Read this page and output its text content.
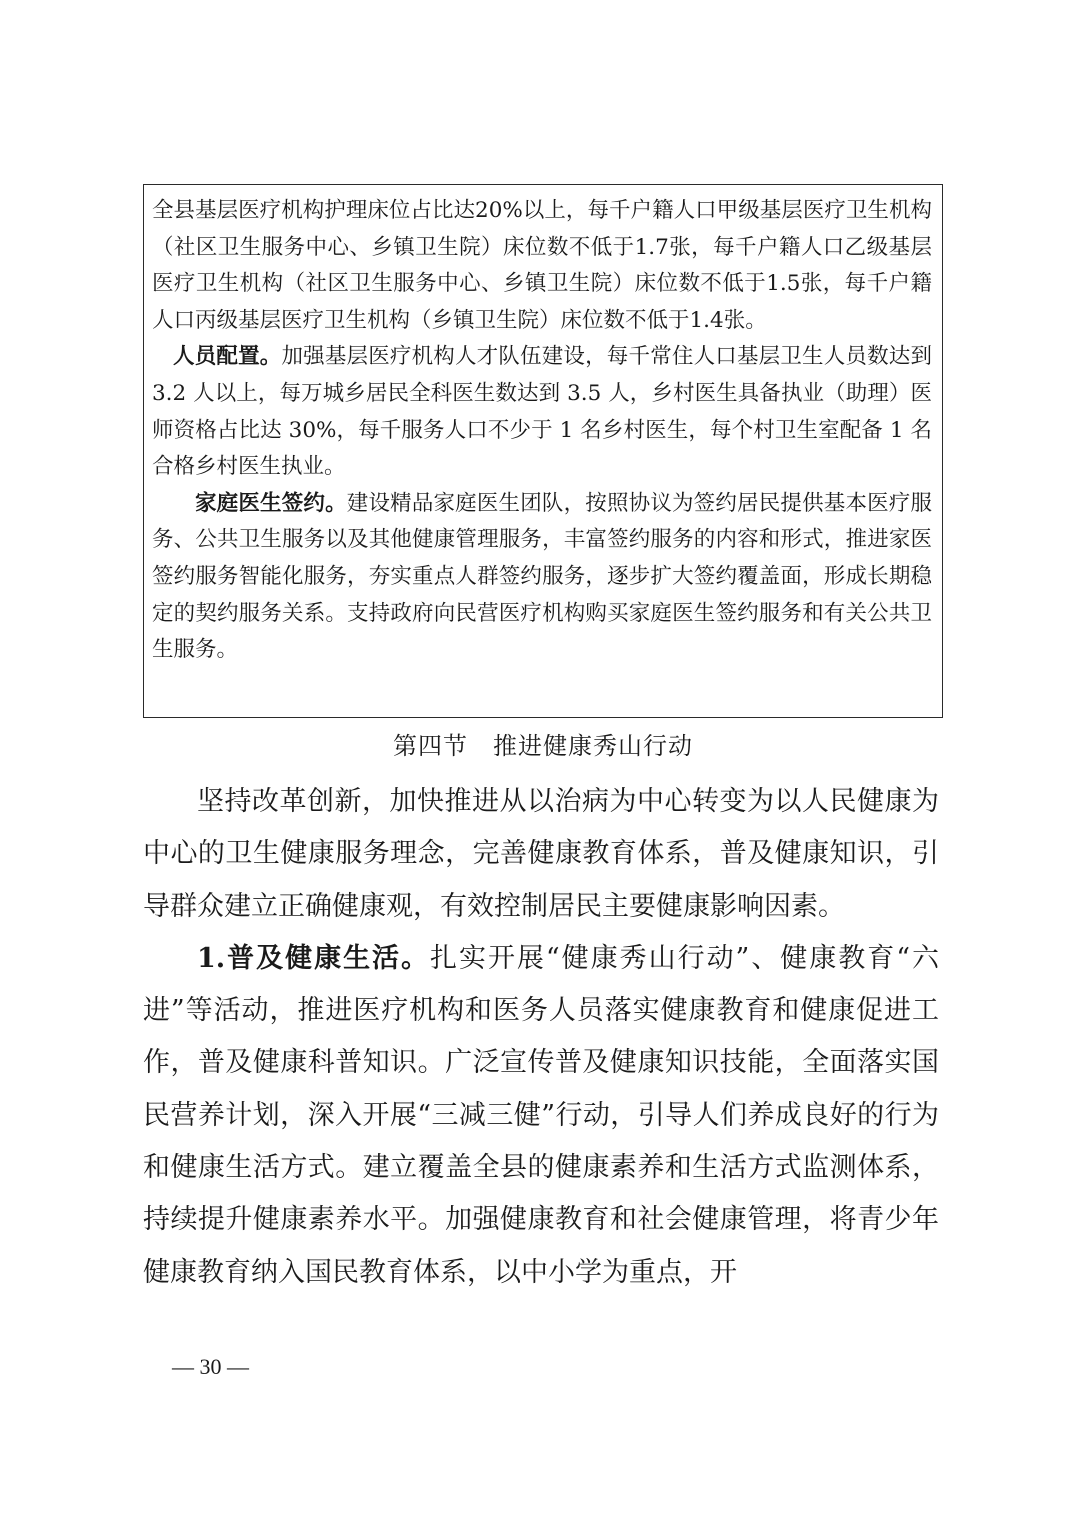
全县基层医疗机构护理床位占比达20%以上，每千户籍人口甲级基层医疗卫生机构（社区卫生服务中心、乡镇卫生院）床位数不低于1.7张，每千户籍人口乙级基层医疗卫生机构（社区卫生服务中心、乡镇卫生院）床位数不低于1.5张，每千户籍人口丙级基层医疗卫生机构（乡镇卫生院）床位数不低于1.4张。

人员配置。加强基层医疗机构人才队伍建设，每千常住人口基层卫生人员数达到 3.2 人以上，每万城乡居民全科医生数达到 3.5 人，乡村医生具备执业（助理）医师资格占比达 30%，每千服务人口不少于 1 名乡村医生，每个村卫生室配备 1 名合格乡村医生执业。

家庭医生签约。建设精品家庭医生团队，按照协议为签约居民提供基本医疗服务、公共卫生服务以及其他健康管理服务，丰富签约服务的内容和形式，推进家医签约服务智能化服务，夯实重点人群签约服务，逐步扩大签约覆盖面，形成长期稳定的契约服务关系。支持政府向民营医疗机构购买家庭医生签约服务和有关公共卫生服务。

第四节　推进健康秀山行动

坚持改革创新，加快推进从以治病为中心转变为以人民健康为中心的卫生健康服务理念，完善健康教育体系，普及健康知识，引导群众建立正确健康观，有效控制居民主要健康影响因素。

1.普及健康生活。扎实开展“健康秀山行动”、健康教育“六进”等活动，推进医疗机构和医务人员落实健康教育和健康促进工作，普及健康科普知识。广泛宣传普及健康知识技能，全面落实国民营养计划，深入开展“三减三健”行动，引导人们养成良好的行为和健康生活方式。建立覆盖全县的健康素养和生活方式监测体系，持续提升健康素养水平。加强健康教育和社会健康管理，将青少年健康教育纳入国民教育体系，以中小学为重点，开

— 30 —
